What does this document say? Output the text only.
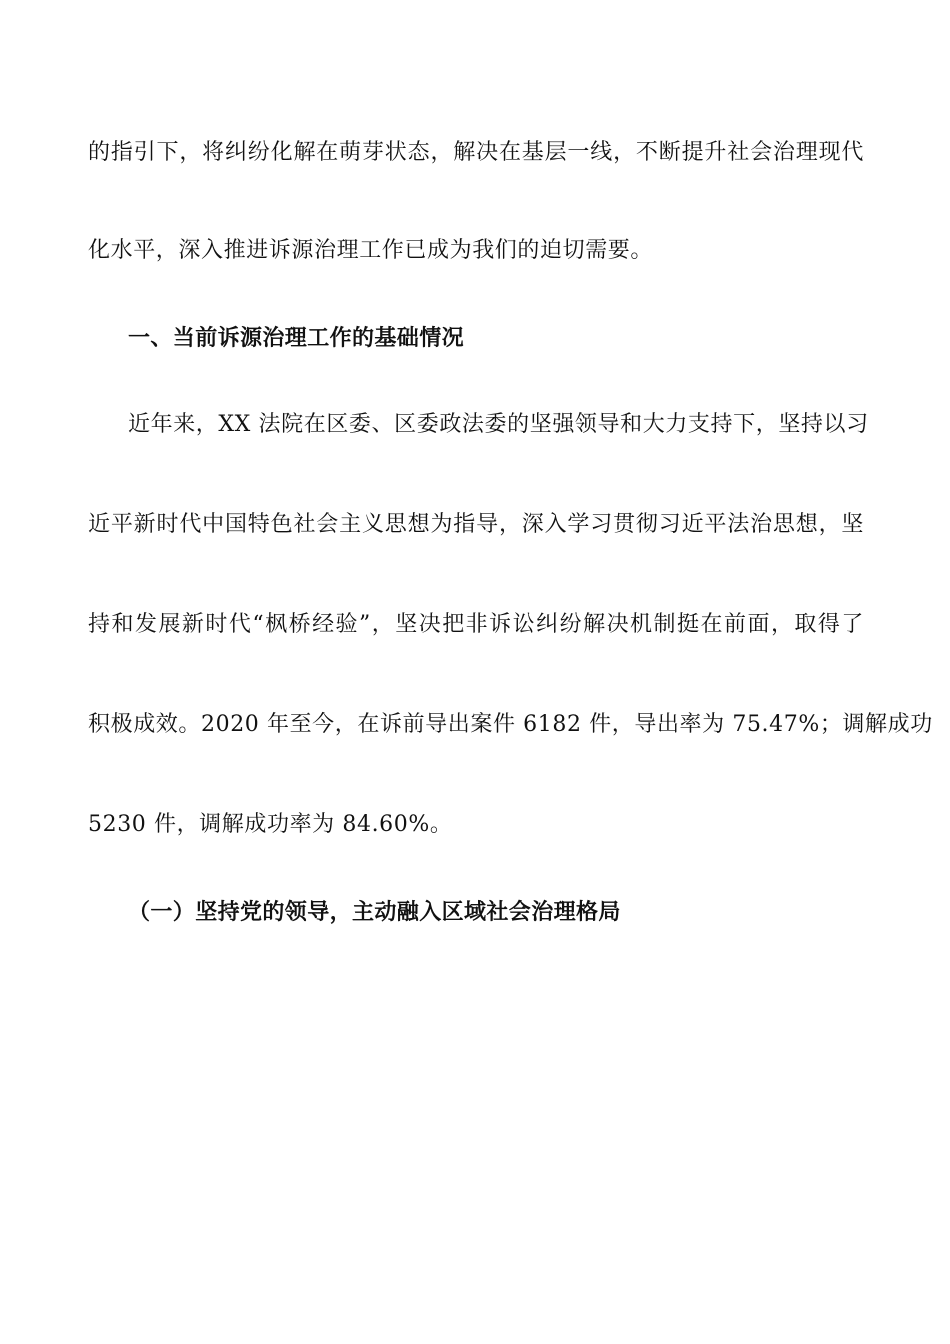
的指引下，将纠纷化解在萌芽状态，解决在基层一线，不断提升社会治理现代
化水平，深入推进诉源治理工作已成为我们的迫切需要。
一、当前诉源治理工作的基础情况
近年来，XX 法院在区委、区委政法委的坚强领导和大力支持下，坚持以习
近平新时代中国特色社会主义思想为指导，深入学习贯彻习近平法治思想，坚
持和发展新时代“枫桥经验”，坚决把非诉讼纠纷解决机制挺在前面，取得了
积极成效。2020 年至今，在诉前导出案件 6182 件，导出率为 75.47%；调解成功
5230 件，调解成功率为 84.60%。
（一）坚持党的领导，主动融入区域社会治理格局
